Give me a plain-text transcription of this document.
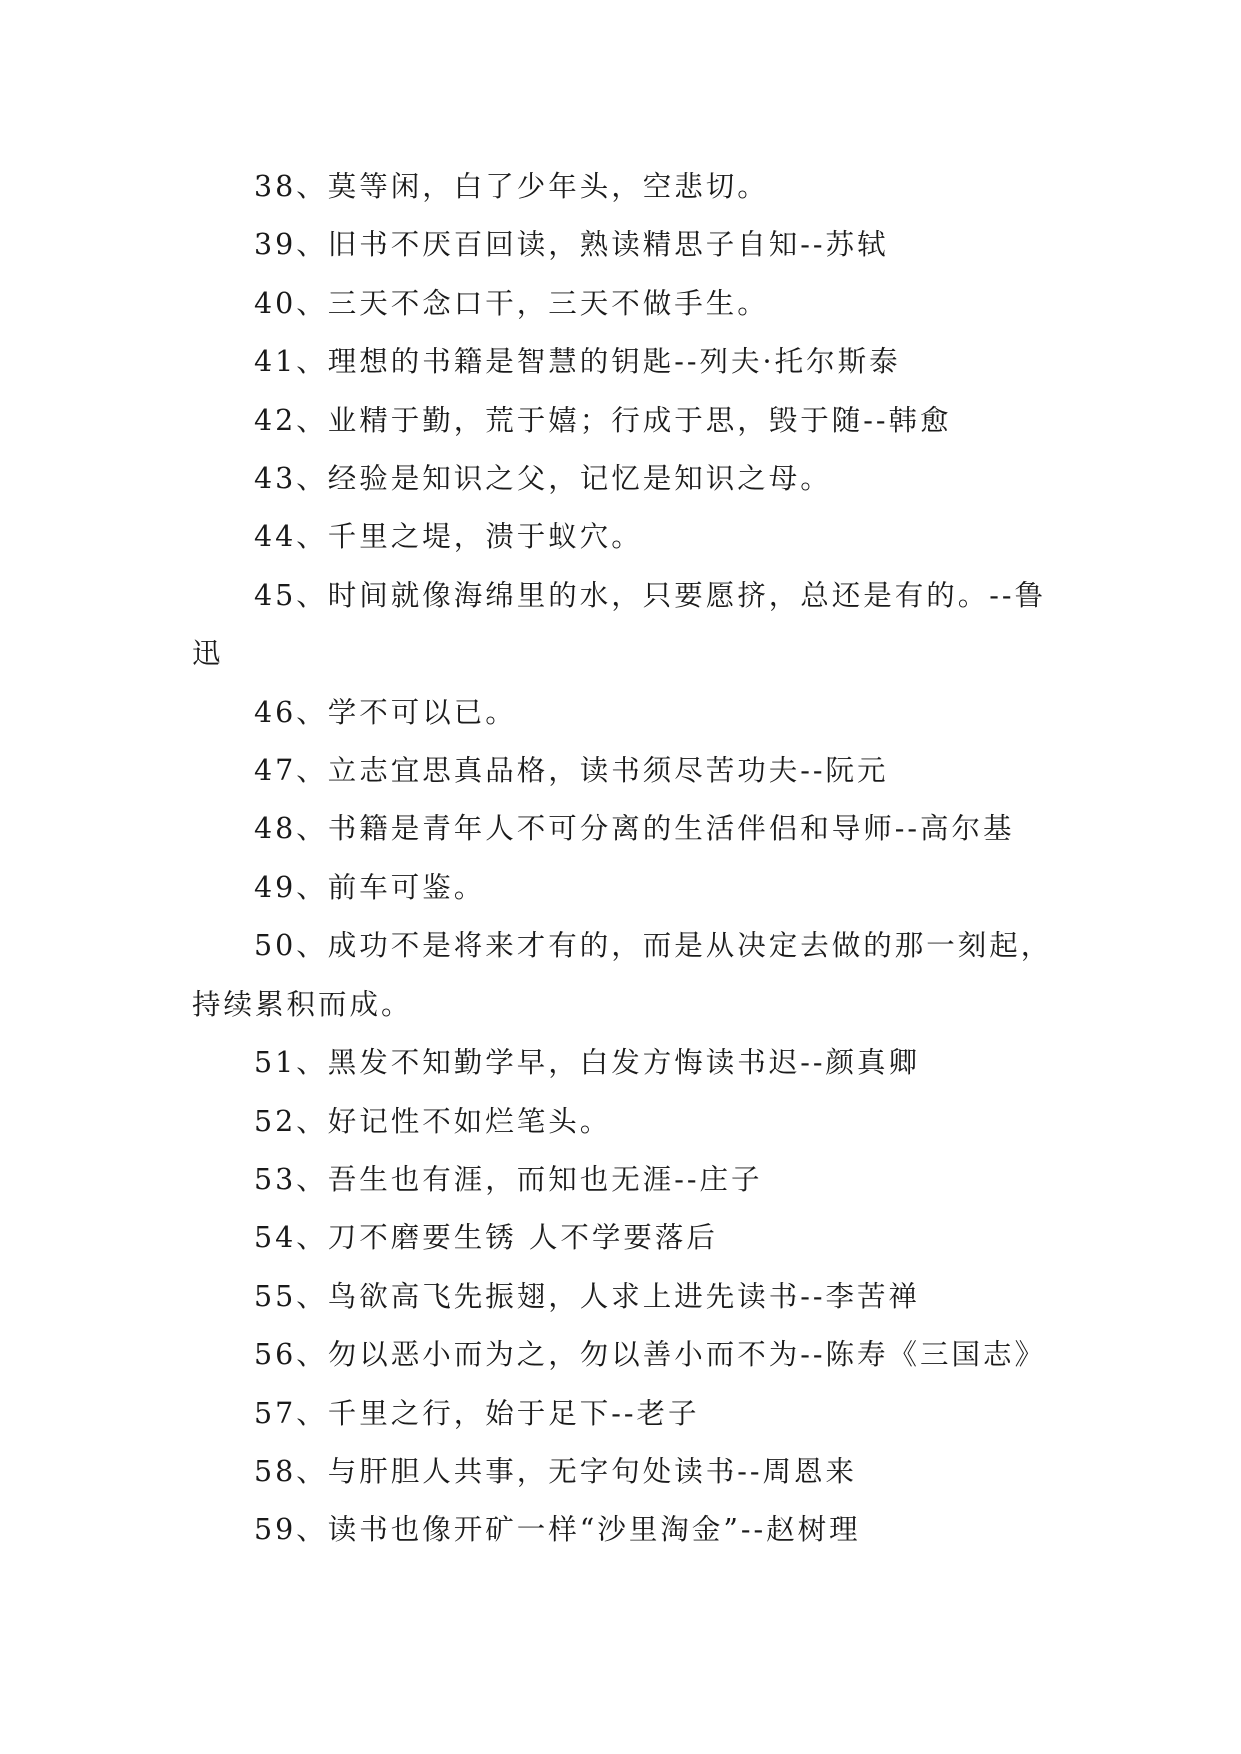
38、莫等闲，白了少年头，空悲切。

39、旧书不厌百回读，熟读精思子自知--苏轼

40、三天不念口干，三天不做手生。

41、理想的书籍是智慧的钥匙--列夫·托尔斯泰

42、业精于勤，荒于嬉；行成于思，毁于随--韩愈

43、经验是知识之父，记忆是知识之母。

44、千里之堤，溃于蚁穴。

45、时间就像海绵里的水，只要愿挤，总还是有的。--鲁迅

46、学不可以已。

47、立志宜思真品格，读书须尽苦功夫--阮元

48、书籍是青年人不可分离的生活伴侣和导师--高尔基

49、前车可鉴。

50、成功不是将来才有的，而是从决定去做的那一刻起，持续累积而成。

51、黑发不知勤学早，白发方悔读书迟--颜真卿

52、好记性不如烂笔头。

53、吾生也有涯，而知也无涯--庄子

54、刀不磨要生锈 人不学要落后

55、鸟欲高飞先振翅，人求上进先读书--李苦禅

56、勿以恶小而为之，勿以善小而不为--陈寿《三国志》

57、千里之行，始于足下--老子

58、与肝胆人共事，无字句处读书--周恩来

59、读书也像开矿一样“沙里淘金”--赵树理
